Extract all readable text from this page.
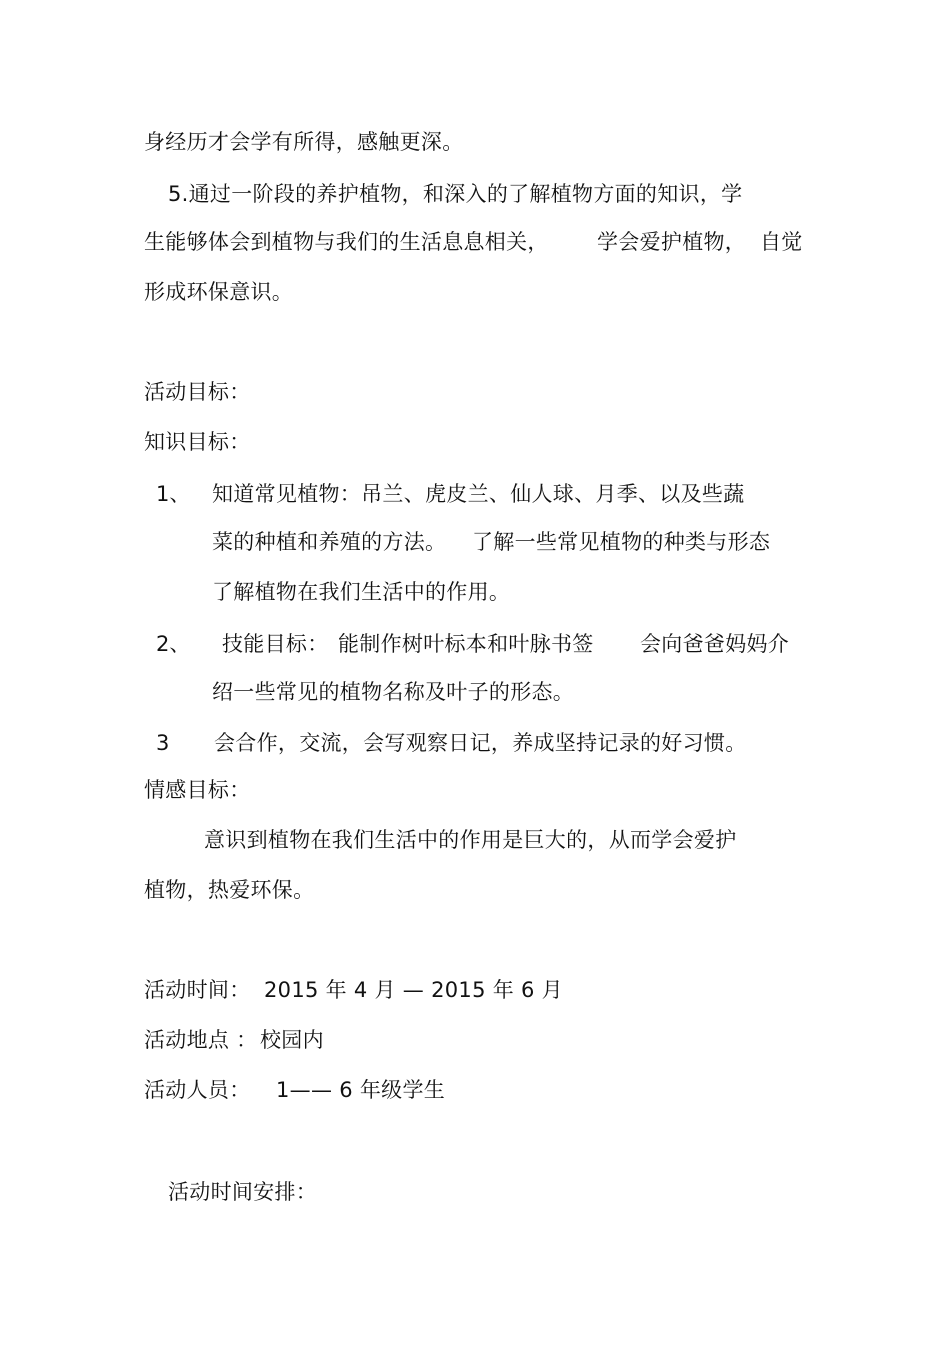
身经历才会学有所得，感触更深。
5.通过一阶段的养护植物，和深入的了解植物方面的知识，学
生能够体会到植物与我们的生活息息相关， 学会爱护植物， 自觉
形成环保意识。
活动目标：
知识目标：
1、 知道常见植物：吊兰、虎皮兰、仙人球、月季、以及些蔬
菜的种植和养殖的方法。 了解一些常见植物的种类与形态
了解植物在我们生活中的作用。
2、 技能目标： 能制作树叶标本和叶脉书签 会向爸爸妈妈介
绍一些常见的植物名称及叶子的形态。
3 会合作，交流，会写观察日记，养成坚持记录的好习惯。
情感目标：
意识到植物在我们生活中的作用是巨大的，从而学会爱护
植物，热爱环保。
活动时间： 2015 年 4 月 — 2015 年 6 月
活动地点 ： 校园内
活动人员： 1—— 6 年级学生
活动时间安排：
